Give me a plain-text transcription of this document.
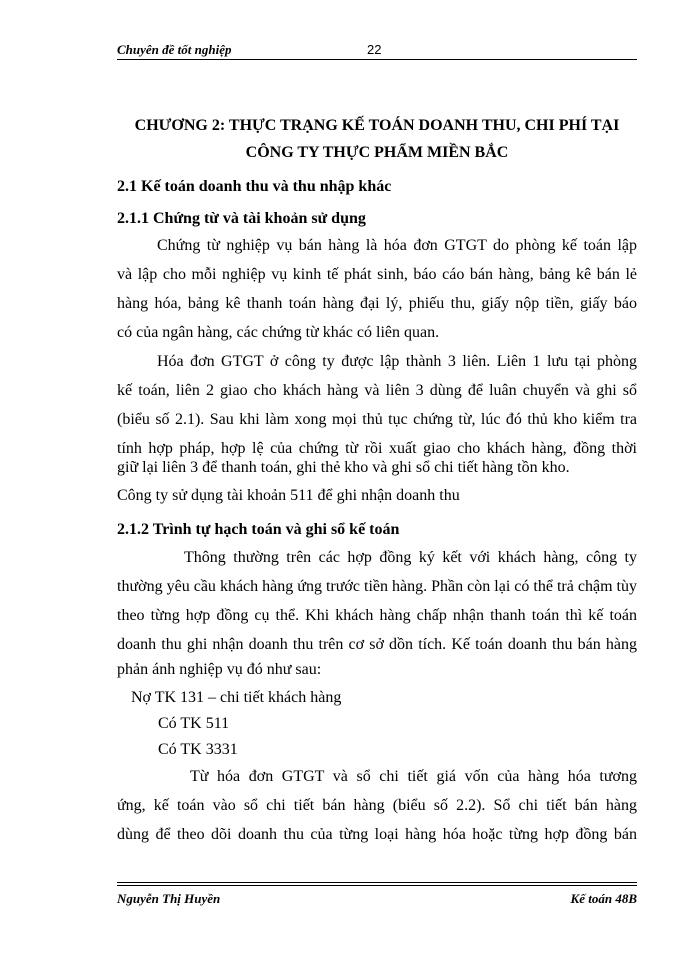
Chuyên đề tốt nghiệp	22
CHƯƠNG 2: THỰC TRẠNG KẾ TOÁN DOANH THU, CHI PHÍ TẠI
CÔNG TY THỰC PHẨM MIỀN BẮC
2.1 Kế toán doanh thu và thu nhập khác
2.1.1 Chứng từ và tài khoản sử dụng
Chứng từ nghiệp vụ bán hàng là hóa đơn GTGT do phòng kế toán lập
và lập cho mỗi nghiệp vụ kinh tế phát sinh, báo cáo bán hàng, bảng kê bán lẻ
hàng hóa, bảng kê thanh toán hàng đại lý, phiếu thu, giấy nộp tiền, giấy báo
có của ngân hàng, các chứng từ khác có liên quan.
Hóa đơn GTGT ở công ty được lập thành 3 liên. Liên 1 lưu tại phòng
kế toán, liên 2 giao cho khách hàng và liên 3 dùng để luân chuyển và ghi sổ
(biểu số 2.1). Sau khi làm xong mọi thủ tục chứng từ, lúc đó thủ kho kiểm tra
tính hợp pháp, hợp lệ của chứng từ rồi xuất giao cho khách hàng, đồng thời
giữ lại liên 3 để thanh toán, ghi thẻ kho và ghi sổ chi tiết hàng tồn kho.
Công ty sử dụng tài khoản 511 để ghi nhận doanh thu
2.1.2 Trình tự hạch toán và ghi sổ kế toán
Thông thường trên các hợp đồng ký kết với khách hàng, công ty
thường yêu cầu khách hàng ứng trước tiền hàng. Phần còn lại có thể trả chậm tùy
theo từng hợp đồng cụ thể. Khi khách hàng chấp nhận thanh toán thì kế toán
doanh thu ghi nhận doanh thu trên cơ sở dồn tích. Kế toán doanh thu bán hàng
phản ánh nghiệp vụ đó như sau:
Nợ TK 131 – chi tiết khách hàng
Có TK 511
Có TK 3331
Từ hóa đơn GTGT và sổ chi tiết giá vốn của hàng hóa tương
ứng, kế toán vào sổ chi tiết bán hàng (biểu số 2.2). Sổ chi tiết bán hàng
dùng để theo dõi doanh thu của từng loại hàng hóa hoặc từng hợp đồng bán
Nguyễn Thị Huyền	Kế toán 48B
